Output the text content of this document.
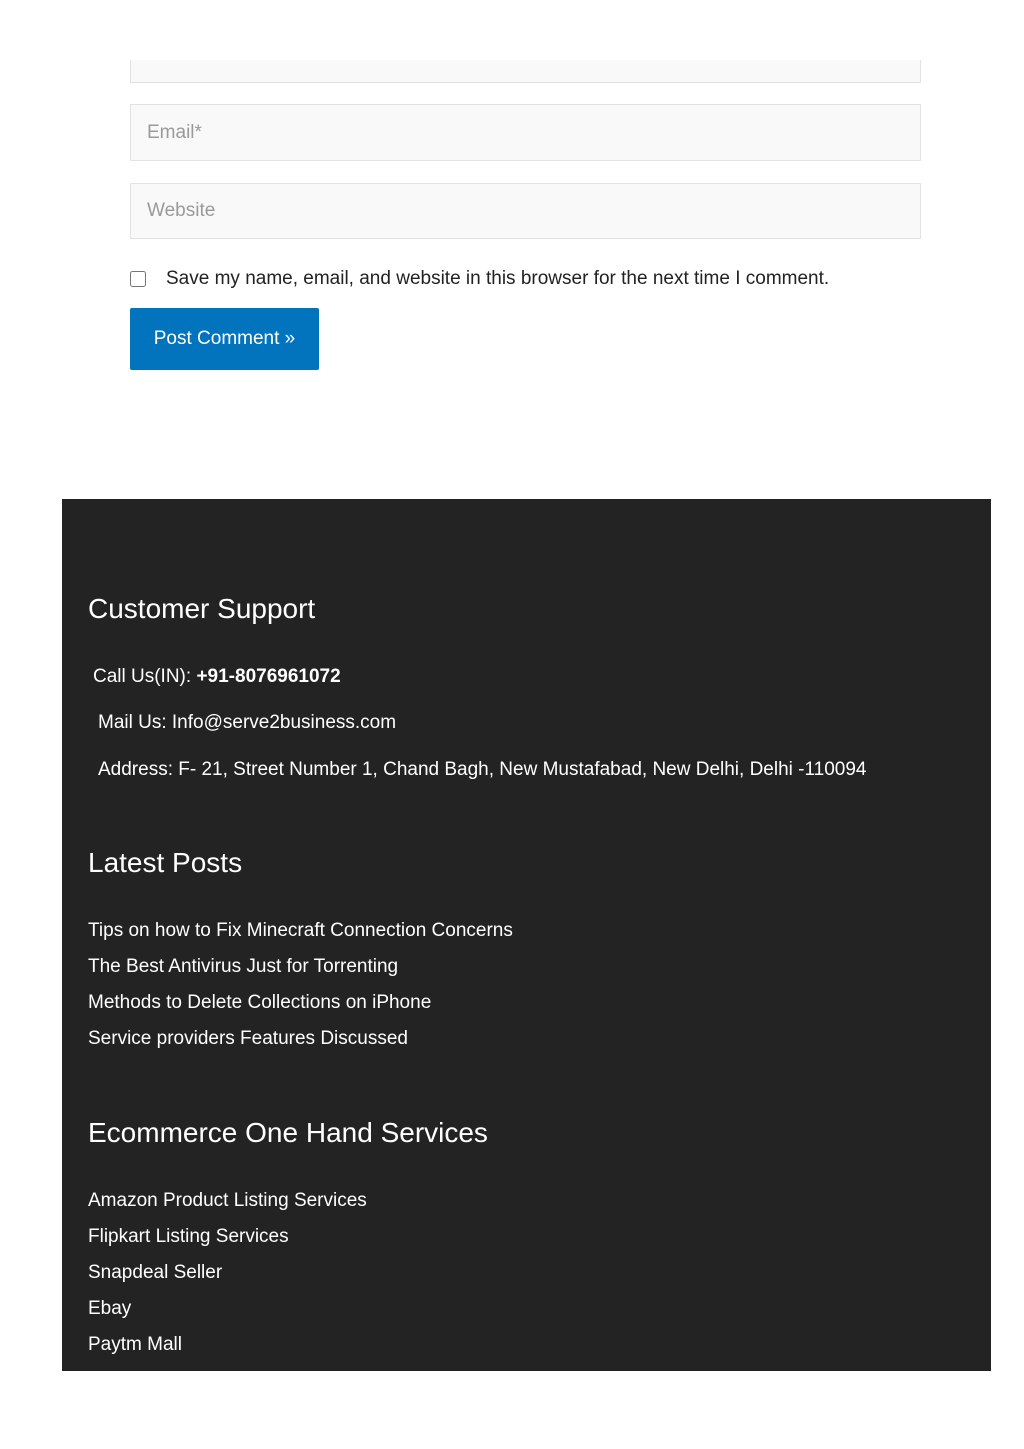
Email*
Website
Save my name, email, and website in this browser for the next time I comment.
Post Comment »
Customer Support
Call Us(IN): +91-8076961072
Mail Us: Info@serve2business.com
Address: F- 21, Street Number 1, Chand Bagh, New Mustafabad, New Delhi, Delhi -110094
Latest Posts
Tips on how to Fix Minecraft Connection Concerns
The Best Antivirus Just for Torrenting
Methods to Delete Collections on iPhone
Service providers Features Discussed
Ecommerce One Hand Services
Amazon Product Listing Services
Flipkart Listing Services
Snapdeal Seller
Ebay
Paytm Mall
